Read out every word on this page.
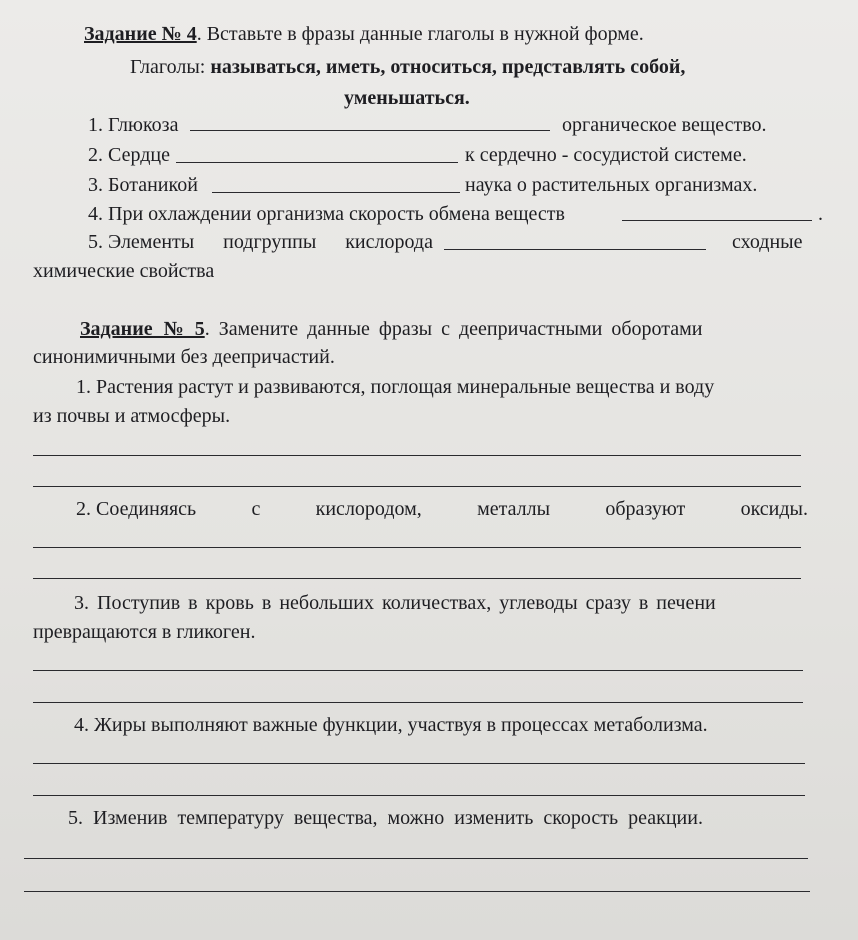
Задание № 4. Вставьте в фразы данные глаголы в нужной форме.
Глаголы: называться, иметь, относиться, представлять собой,
уменьшаться.
1. Глюкоза	органическое вещество.
2. Сердце	к сердечно - сосудистой системе.
3. Ботаникой	наука о растительных организмах.
4. При охлаждении организма скорость обмена веществ	.
5. Элементы подгруппы кислорода	сходные
химические свойства
Задание № 5. Замените данные фразы с деепричастными оборотами
синонимичными без деепричастий.
1. Растения растут и развиваются, поглощая минеральные вещества и воду
из почвы и атмосферы.
2. Соединяясь	с	кислородом,	металлы	образуют	оксиды.
3. Поступив в кровь в небольших количествах, углеводы сразу в печени
превращаются в гликоген.
4. Жиры выполняют важные функции, участвуя в процессах метаболизма.
5. Изменив температуру вещества, можно изменить скорость реакции.
